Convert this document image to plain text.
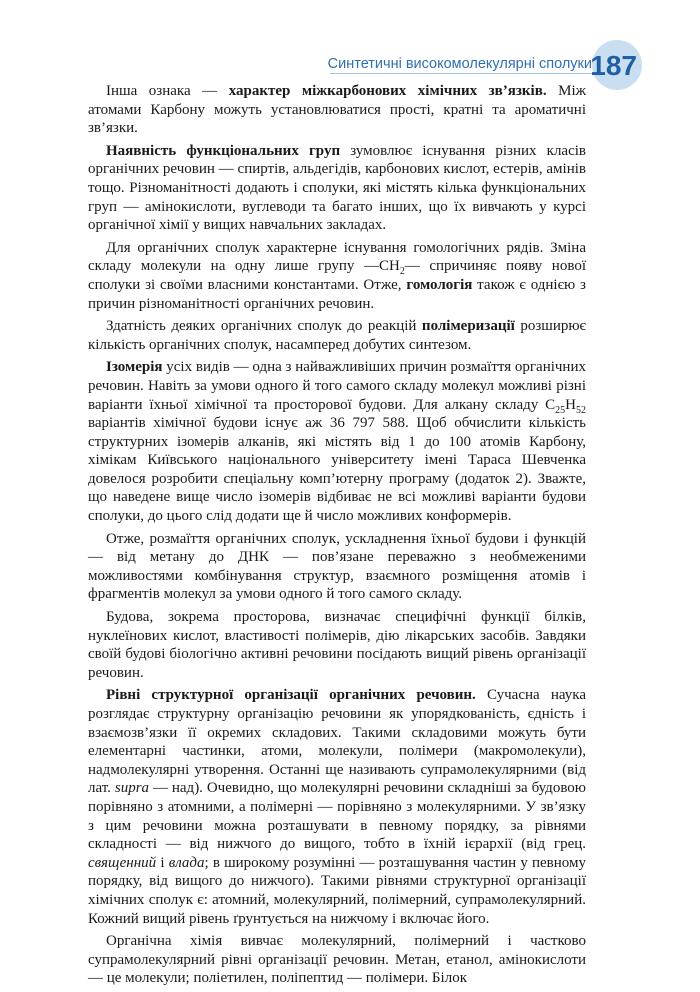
Синтетичні високомолекулярні сполуки
187

Інша ознака — характер міжкарбонових хімічних зв’язків. Між атомами Карбону можуть установлюватися прості, кратні та ароматичні зв’язки.

Наявність функціональних груп зумовлює існування різних класів органічних речовин — спиртів, альдегідів, карбонових кислот, естерів, амінів тощо. Різноманітності додають і сполуки, які містять кілька функціональних груп — амінокислоти, вуглеводи та багато інших, що їх вивчають у курсі органічної хімії у вищих навчальних закладах.

Для органічних сполук характерне існування гомологічних рядів. Зміна складу молекули на одну лише групу $—CH_2—$ спричиняє появу нової сполуки зі своїми власними константами. Отже, гомологія також є однією з причин різноманітності органічних речовин.

Здатність деяких органічних сполук до реакцій полімеризації розширює кількість органічних сполук, насамперед добутих синтезом.

Ізомерія усіх видів — одна з найважливіших причин розмаїття органічних речовин. Навіть за умови одного й того самого складу молекул можливі різні варіанти їхньої хімічної та просторової будови. Для алкану складу $C_{25}H_{52}$ варіантів хімічної будови існує аж 36 797 588. Щоб обчислити кількість структурних ізомерів алканів, які містять від 1 до 100 атомів Карбону, хімікам Київського національного університету імені Тараса Шевченка довелося розробити спеціальну комп’ютерну програму (додаток 2). Зважте, що наведене вище число ізомерів відбиває не всі можливі варіанти будови сполуки, до цього слід додати ще й число можливих конформерів.

Отже, розмаїття органічних сполук, ускладнення їхньої будови і функцій — від метану до ДНК — пов’язане переважно з необмеженими можливостями комбінування структур, взаємного розміщення атомів і фрагментів молекул за умови одного й того самого складу.

Будова, зокрема просторова, визначає специфічні функції білків, нуклеїнових кислот, властивості полімерів, дію лікарських засобів. Завдяки своїй будові біологічно активні речовини посідають вищий рівень організації речовин.

Рівні структурної організації органічних речовин. Сучасна наука розглядає структурну організацію речовини як упорядкованість, єдність і взаємозв’язки її окремих складових. Такими складовими можуть бути елементарні частинки, атоми, молекули, полімери (макромолекули), надмолекулярні утворення. Останні ще називають супрамолекулярними (від лат. supra — над). Очевидно, що молекулярні речовини складніші за будовою порівняно з атомними, а полімерні — порівняно з молекулярними. У зв’язку з цим речовини можна розташувати в певному порядку, за рівнями складності — від нижчого до вищого, тобто в їхній ієрархії (від грец. священний і влада; в широкому розумінні — розташування частин у певному порядку, від вищого до нижчого). Такими рівнями структурної організації хімічних сполук є: атомний, молекулярний, полімерний, супрамолекулярний. Кожний вищий рівень ґрунтується на нижчому і включає його.

Органічна хімія вивчає молекулярний, полімерний і частково супрамолекулярний рівні організації речовин. Метан, етанол, амінокислоти — це молекули; поліетилен, поліпептид — полімери. Білок
